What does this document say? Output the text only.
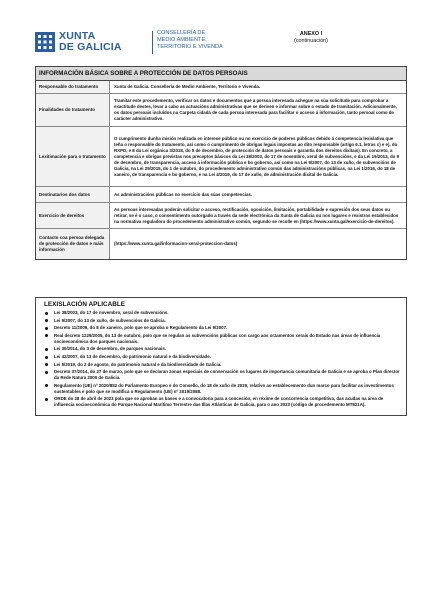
XUNTA
DE GALICIA
CONSELLERÍA DE
MEDIO AMBIENTE,
TERRITORIO E VIVENDA
ANEXO I
(continuación)
INFORMACIÓN BÁSICA SOBRE A PROTECCIÓN DE DATOS PERSOAIS
Responsable do tratamento	Xunta de Galicia. Consellería de Medio Ambiente, Territorio e Vivenda.
Finalidades do tratamento
Tramitar este procedemento, verificar os datos e documentos que a persoa interesada achegue na súa solicitude para comprobar a exactitude destes, levar a cabo as actuacións administrativas que se deriven e informar sobre o estado de tramitación. Adicionalmente, os datos persoais incluídos na Carpeta cidadá de cada persoa interesada para facilitar o acceso á información, tanto persoal como de carácter administrativo.
Lexitimación para o tratamento
O cumprimento dunha misión realizada en interese público ou no exercicio de poderes públicos debido á competencia lexislativa que teña o responsable do tratamento, así como o cumprimento de obrigas legais impostas ao dito responsable (artigo 6.1, letras c) e e), do RXPD, e 8 da Lei orgánica 3/2018, do 5 de decembro, de protección de datos persoais e garantía dos dereitos dixitais). En concreto, a competencia e obrigas previstas nos preceptos básicos da Lei 38/2003, do 17 de novembro, xeral de subvencións, e da Lei 19/2013, do 9 de decembro, de transparencia, acceso á información pública e bo goberno, así como na Lei 9/2007, do 13 de xuño, de subvencións de Galicia, na Lei 29/2015, do 1 de outubro, do procedemento administrativo común das administracións públicas, na Lei 1/2016, do 18 de xaneiro, de transparencia e bo goberno, e na Lei 4/2019, do 17 de xullo, de administración dixital de Galicia.
Destinatarios dos datos	As administracións públicas no exercicio das súas competencias.
Exercicio de dereitos
As persoas interesadas poderán solicitar o acceso, rectificación, oposición, limitación, portabilidade e supresión dos seus datos ou retirar, se é o caso, o consentimento outorgado a través da sede electrónica da Xunta de Galicia ou nos lugares e rexistros establecidos na normativa reguladora do procedemento administrativo común, segundo se recolle en (https://www.xunta.gal/exercicio-de-dereitos).
Contacto coa persoa delegada de protección de datos e máis información
(https://www.xunta.gal/informacion-xeral-proteccion-datos)
LEXISLACIÓN APLICABLE
Lei 38/2003, do 17 de novembro, xeral de subvencións.
Lei 9/2007, do 13 de xuño, de subvencións de Galicia.
Decreto 11/2009, do 8 de xaneiro, polo que se aproba o Regulamento da Lei 9/2007.
Real decreto 1229/2005, do 13 de outubro, polo que se regulan as subvencións públicas con cargo aos orzamentos xerais do Estado nas áreas de influencia socioeconómica dos parques nacionais.
Lei 30/2014, do 3 de decembro, de parques nacionais.
Lei 42/2007, do 13 de decembro, do patrimonio natural e da biodiversidade.
Lei 5/2019, do 2 de agosto, do patrimonio natural e da biodiversidade de Galicia.
Decreto 37/2014, do 27 de marzo, polo que se declaran zonas especiais de conservación os lugares de importancia comunitaria de Galicia e se aproba o Plan director da Rede Natura 2000 de Galicia.
Regulamento (UE) nº 2020/852 do Parlamento Europeo e do Consello, do 18 de xuño de 2020, relativo ao establecemento dun marco para facilitar as investimentos sustentables e polo que se modifica o Regulamento (UE) nº 2019/2088.
ORDE do 28 de abril de 2023 pola que se aproban as bases e a convocatoria para a concesión, en réxime de concorrencia competitiva, das axudas na área de influencia socioeconómica do Parque Nacional Marítimo Terrestre das Illas Atlánticas de Galicia, para o ano 2023 (código de procedemento MT821A).
